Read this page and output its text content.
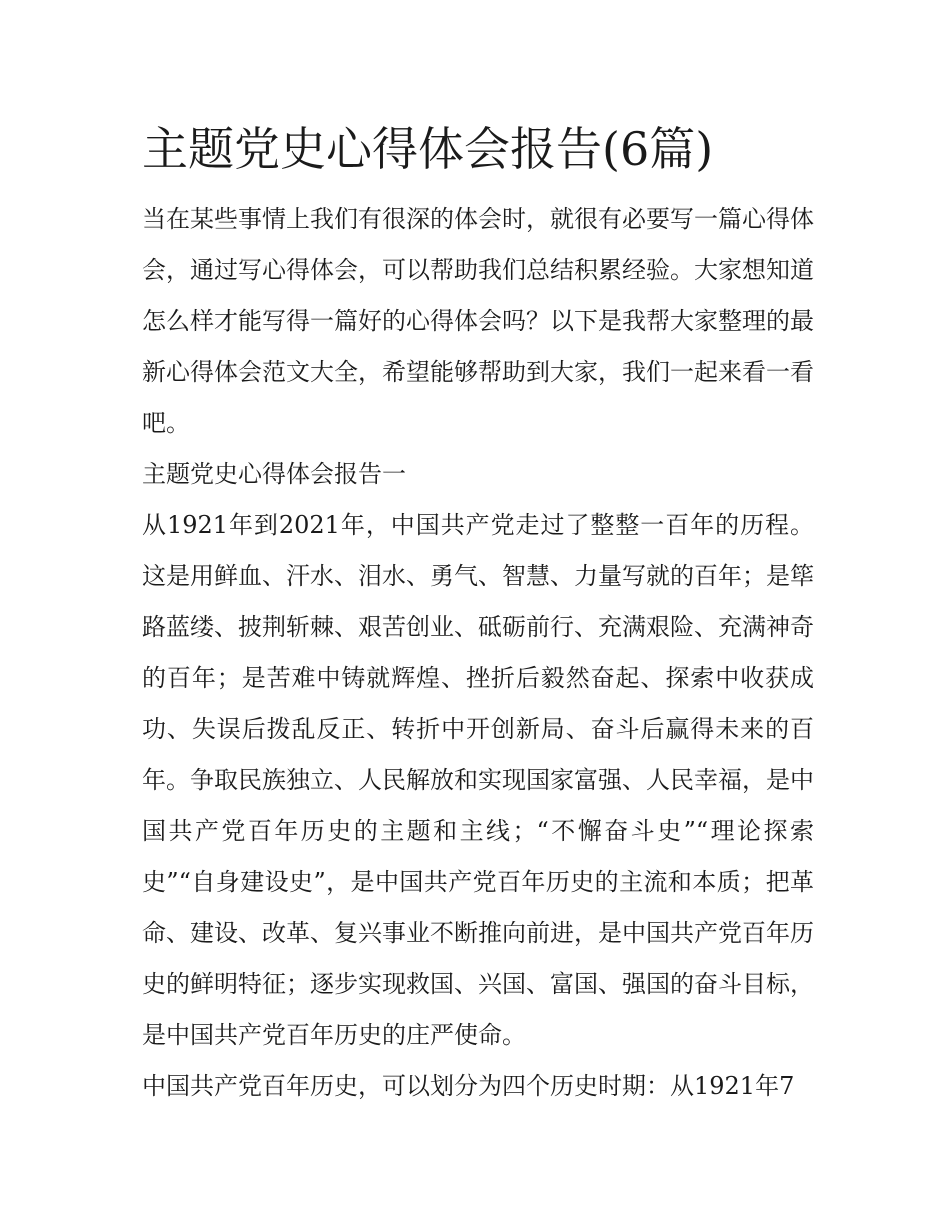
主题党史心得体会报告(6篇)

当在某些事情上我们有很深的体会时，就很有必要写一篇心得体会，通过写心得体会，可以帮助我们总结积累经验。大家想知道怎么样才能写得一篇好的心得体会吗？以下是我帮大家整理的最新心得体会范文大全，希望能够帮助到大家，我们一起来看一看吧。

主题党史心得体会报告一

从1921年到2021年，中国共产党走过了整整一百年的历程。这是用鲜血、汗水、泪水、勇气、智慧、力量写就的百年；是筚路蓝缕、披荆斩棘、艰苦创业、砥砺前行、充满艰险、充满神奇的百年；是苦难中铸就辉煌、挫折后毅然奋起、探索中收获成功、失误后拨乱反正、转折中开创新局、奋斗后赢得未来的百年。争取民族独立、人民解放和实现国家富强、人民幸福，是中国共产党百年历史的主题和主线；“不懈奋斗史”“理论探索史”“自身建设史”，是中国共产党百年历史的主流和本质；把革命、建设、改革、复兴事业不断推向前进，是中国共产党百年历史的鲜明特征；逐步实现救国、兴国、富国、强国的奋斗目标，是中国共产党百年历史的庄严使命。

中国共产党百年历史，可以划分为四个历史时期：从1921年7
